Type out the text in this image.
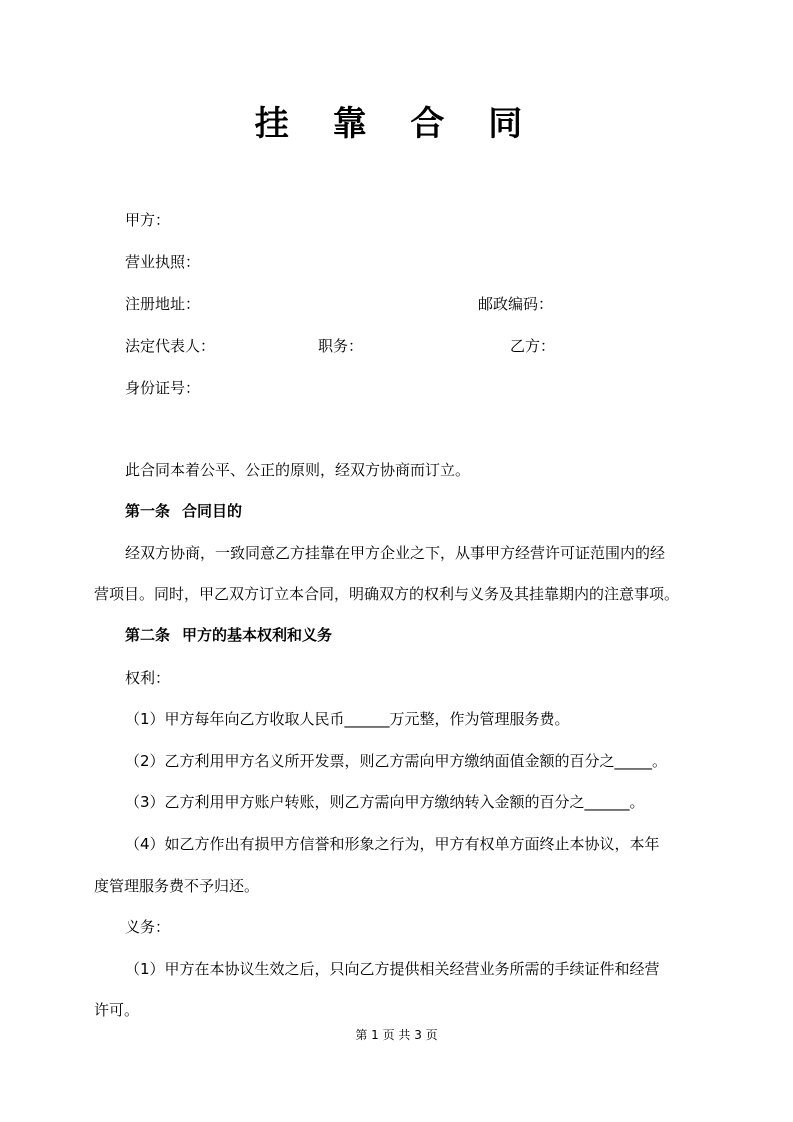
挂 靠 合 同
甲方：
营业执照：
注册地址：	邮政编码：
法定代表人：	职务：	乙方：
身份证号：
此合同本着公平、公正的原则，经双方协商而订立。
第一条 合同目的
经双方协商，一致同意乙方挂靠在甲方企业之下，从事甲方经营许可证范围内的经
营项目。同时，甲乙双方订立本合同，明确双方的权利与义务及其挂靠期内的注意事项。
第二条 甲方的基本权利和义务
权利：
（1）甲方每年向乙方收取人民币______万元整，作为管理服务费。
（2）乙方利用甲方名义所开发票，则乙方需向甲方缴纳面值金额的百分之_____。
（3）乙方利用甲方账户转账，则乙方需向甲方缴纳转入金额的百分之______。
（4）如乙方作出有损甲方信誉和形象之行为，甲方有权单方面终止本协议，本年
度管理服务费不予归还。
义务：
（1）甲方在本协议生效之后，只向乙方提供相关经营业务所需的手续证件和经营
许可。
第 1 页 共 3 页
